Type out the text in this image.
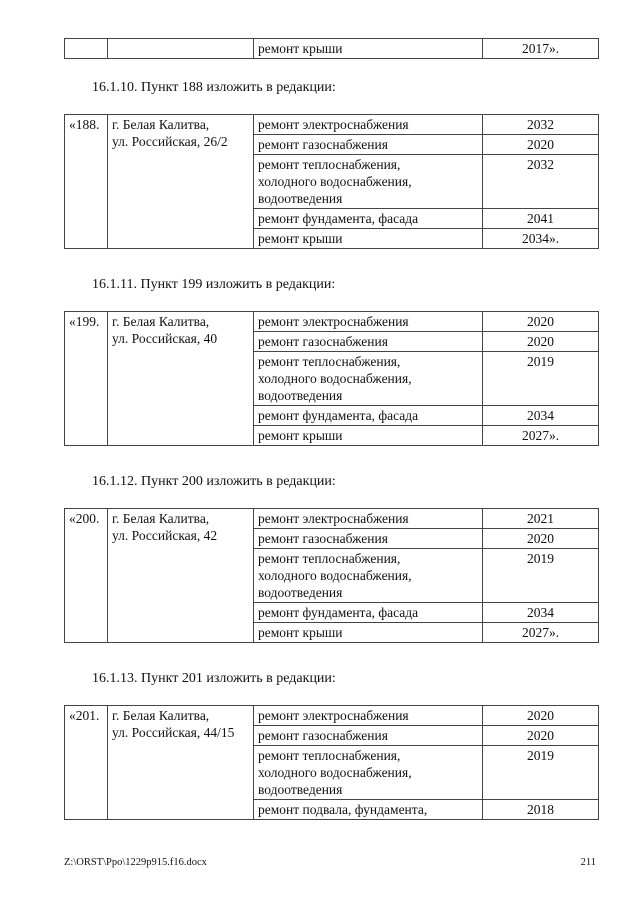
		ремонт крыши	2017».
16.1.10. Пункт 188 изложить в редакции:
«188.	г. Белая Калитва,
ул. Российская, 26/2	ремонт электроснабжения	2032
		ремонт газоснабжения	2020
		ремонт теплоснабжения,
холодного водоснабжения,
водоотведения	2032
		ремонт фундамента, фасада	2041
		ремонт крыши	2034».
16.1.11. Пункт 199 изложить в редакции:
«199.	г. Белая Калитва,
ул. Российская, 40	ремонт электроснабжения	2020
		ремонт газоснабжения	2020
		ремонт теплоснабжения,
холодного водоснабжения,
водоотведения	2019
		ремонт фундамента, фасада	2034
		ремонт крыши	2027».
16.1.12. Пункт 200 изложить в редакции:
«200.	г. Белая Калитва,
ул. Российская, 42	ремонт электроснабжения	2021
		ремонт газоснабжения	2020
		ремонт теплоснабжения,
холодного водоснабжения,
водоотведения	2019
		ремонт фундамента, фасада	2034
		ремонт крыши	2027».
16.1.13. Пункт 201 изложить в редакции:
«201.	г. Белая Калитва,
ул. Российская, 44/15	ремонт электроснабжения	2020
		ремонт газоснабжения	2020
		ремонт теплоснабжения,
холодного водоснабжения,
водоотведения	2019
		ремонт подвала, фундамента,	2018
Z:\ORST\Ppo\1229p915.f16.docx	211
